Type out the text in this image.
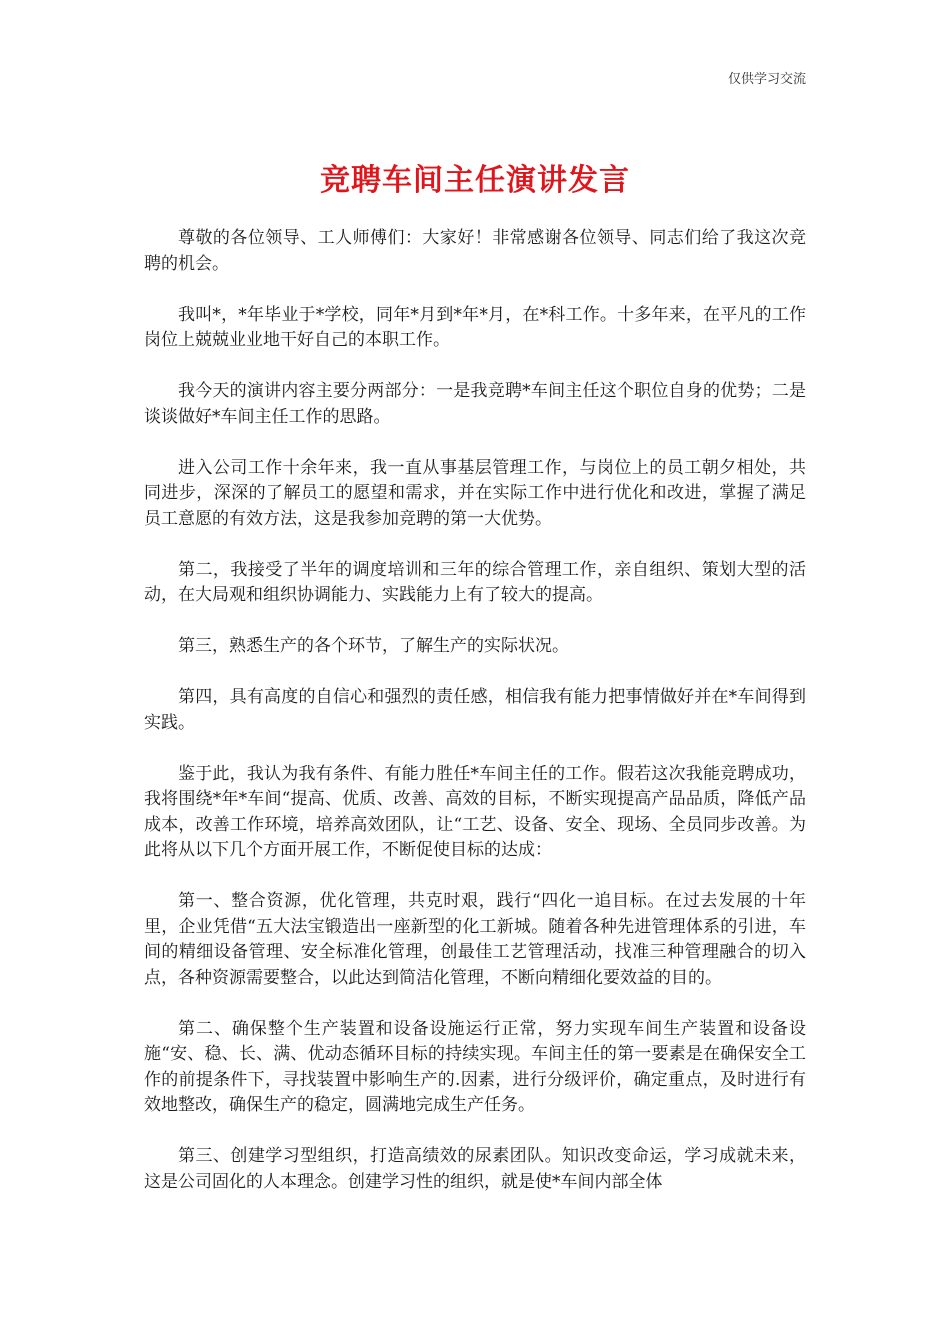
仅供学习交流
竞聘车间主任演讲发言

尊敬的各位领导、工人师傅们：大家好！非常感谢各位领导、同志们给了我这次竞聘的机会。

我叫*，*年毕业于*学校，同年*月到*年*月，在*科工作。十多年来，在平凡的工作岗位上兢兢业业地干好自己的本职工作。

我今天的演讲内容主要分两部分：一是我竞聘*车间主任这个职位自身的优势；二是谈谈做好*车间主任工作的思路。

进入公司工作十余年来，我一直从事基层管理工作，与岗位上的员工朝夕相处，共同进步，深深的了解员工的愿望和需求，并在实际工作中进行优化和改进，掌握了满足员工意愿的有效方法，这是我参加竞聘的第一大优势。

第二，我接受了半年的调度培训和三年的综合管理工作，亲自组织、策划大型的活动，在大局观和组织协调能力、实践能力上有了较大的提高。

第三，熟悉生产的各个环节，了解生产的实际状况。

第四，具有高度的自信心和强烈的责任感，相信我有能力把事情做好并在*车间得到实践。

鉴于此，我认为我有条件、有能力胜任*车间主任的工作。假若这次我能竞聘成功，我将围绕*年*车间“提高、优质、改善、高效的目标，不断实现提高产品品质，降低产品成本，改善工作环境，培养高效团队，让“工艺、设备、安全、现场、全员同步改善。为此将从以下几个方面开展工作，不断促使目标的达成：

第一、整合资源，优化管理，共克时艰，践行“四化一追目标。在过去发展的十年里，企业凭借“五大法宝锻造出一座新型的化工新城。随着各种先进管理体系的引进，车间的精细设备管理、安全标准化管理，创最佳工艺管理活动，找准三种管理融合的切入点，各种资源需要整合，以此达到简洁化管理，不断向精细化要效益的目的。

第二、确保整个生产装置和设备设施运行正常，努力实现车间生产装置和设备设施“安、稳、长、满、优动态循环目标的持续实现。车间主任的第一要素是在确保安全工作的前提条件下，寻找装置中影响生产的.因素，进行分级评价，确定重点，及时进行有效地整改，确保生产的稳定，圆满地完成生产任务。

第三、创建学习型组织，打造高绩效的尿素团队。知识改变命运，学习成就未来，这是公司固化的人本理念。创建学习性的组织，就是使*车间内部全体
